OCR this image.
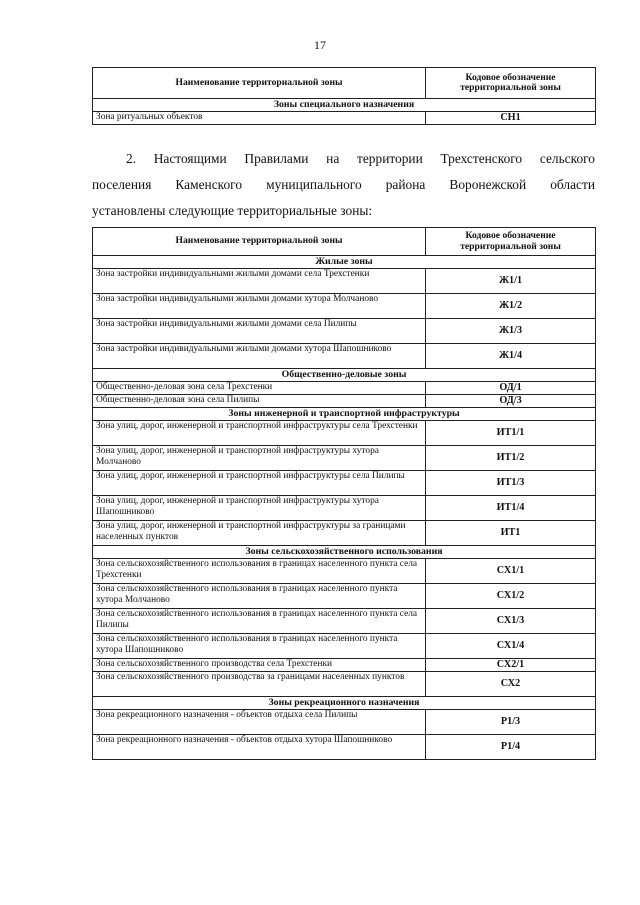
17
Наименование территориальной зоны	Кодовое обозначение территориальной зоны
Зоны специального назначения	
Зона ритуальных объектов	СН1
2. Настоящими Правилами на территории Трехстенского сельского
поселения Каменского муниципального района Воронежской области
установлены следующие территориальные зоны:
Наименование территориальной зоны	Кодовое обозначение территориальной зоны
Жилые зоны	
Зона застройки индивидуальными жилыми домами села Трехстенки	Ж1/1
Зона застройки индивидуальными жилыми домами хутора Молчаново	Ж1/2
Зона застройки индивидуальными жилыми домами села Пилипы	Ж1/3
Зона застройки индивидуальными жилыми домами хутора Шапошниково	Ж1/4
Общественно-деловые зоны	
Общественно-деловая зона села Трехстенки	ОД/1
Общественно-деловая зона села Пилипы	ОД/3
Зоны инженерной и транспортной инфраструктуры	
Зона улиц, дорог, инженерной и транспортной инфраструктуры села Трехстенки	ИТ1/1
Зона улиц, дорог, инженерной и транспортной инфраструктуры хутора Молчаново	ИТ1/2
Зона улиц, дорог, инженерной и транспортной инфраструктуры села Пилипы	ИТ1/3
Зона улиц, дорог, инженерной и транспортной инфраструктуры хутора Шапошниково	ИТ1/4
Зона улиц, дорог, инженерной и транспортной инфраструктуры за границами населенных пунктов	ИТ1
Зоны сельскохозяйственного использования	
Зона сельскохозяйственного использования в границах населенного пункта села Трехстенки	СХ1/1
Зона сельскохозяйственного использования в границах населенного пункта хутора Молчаново	СХ1/2
Зона сельскохозяйственного использования в границах населенного пункта села Пилипы	СХ1/3
Зона сельскохозяйственного использования в границах населенного пункта хутора Шапошниково	СХ1/4
Зона сельскохозяйственного производства села Трехстенки	СХ2/1
Зона сельскохозяйственного производства за границами населенных пунктов	СХ2
Зоны рекреационного назначения	
Зона рекреационного назначения - объектов отдыха села Пилипы	Р1/3
Зона рекреационного назначения - объектов отдыха хутора Шапошниково	Р1/4
